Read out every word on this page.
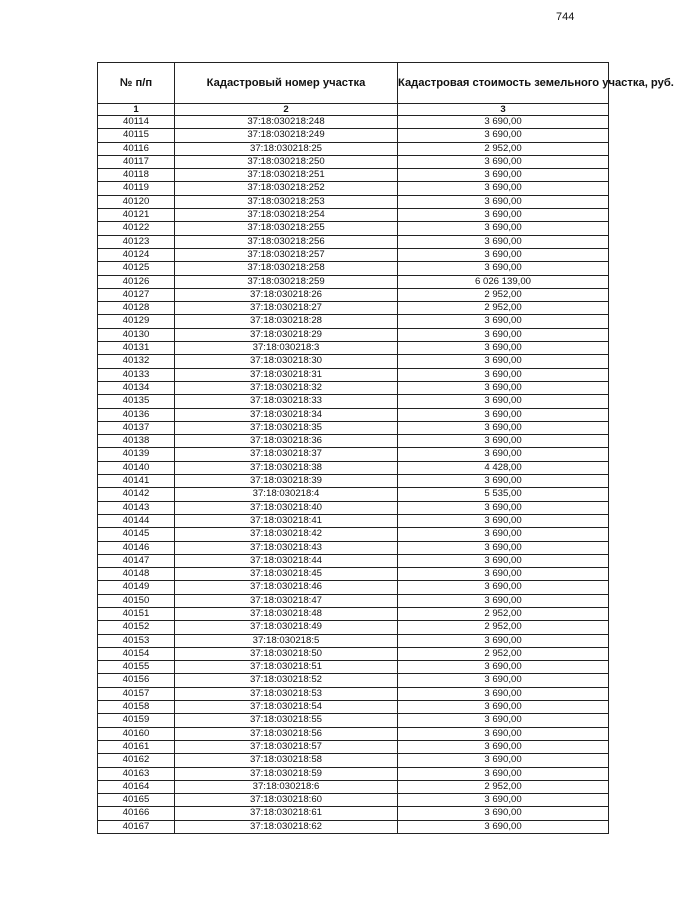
744
№ п/п	Кадастровый номер участка	Кадастровая стоимость земельного участка, руб.
1	2	3
40114	37:18:030218:248	3 690,00
40115	37:18:030218:249	3 690,00
40116	37:18:030218:25	2 952,00
40117	37:18:030218:250	3 690,00
40118	37:18:030218:251	3 690,00
40119	37:18:030218:252	3 690,00
40120	37:18:030218:253	3 690,00
40121	37:18:030218:254	3 690,00
40122	37:18:030218:255	3 690,00
40123	37:18:030218:256	3 690,00
40124	37:18:030218:257	3 690,00
40125	37:18:030218:258	3 690,00
40126	37:18:030218:259	6 026 139,00
40127	37:18:030218:26	2 952,00
40128	37:18:030218:27	2 952,00
40129	37:18:030218:28	3 690,00
40130	37:18:030218:29	3 690,00
40131	37:18:030218:3	3 690,00
40132	37:18:030218:30	3 690,00
40133	37:18:030218:31	3 690,00
40134	37:18:030218:32	3 690,00
40135	37:18:030218:33	3 690,00
40136	37:18:030218:34	3 690,00
40137	37:18:030218:35	3 690,00
40138	37:18:030218:36	3 690,00
40139	37:18:030218:37	3 690,00
40140	37:18:030218:38	4 428,00
40141	37:18:030218:39	3 690,00
40142	37:18:030218:4	5 535,00
40143	37:18:030218:40	3 690,00
40144	37:18:030218:41	3 690,00
40145	37:18:030218:42	3 690,00
40146	37:18:030218:43	3 690,00
40147	37:18:030218:44	3 690,00
40148	37:18:030218:45	3 690,00
40149	37:18:030218:46	3 690,00
40150	37:18:030218:47	3 690,00
40151	37:18:030218:48	2 952,00
40152	37:18:030218:49	2 952,00
40153	37:18:030218:5	3 690,00
40154	37:18:030218:50	2 952,00
40155	37:18:030218:51	3 690,00
40156	37:18:030218:52	3 690,00
40157	37:18:030218:53	3 690,00
40158	37:18:030218:54	3 690,00
40159	37:18:030218:55	3 690,00
40160	37:18:030218:56	3 690,00
40161	37:18:030218:57	3 690,00
40162	37:18:030218:58	3 690,00
40163	37:18:030218:59	3 690,00
40164	37:18:030218:6	2 952,00
40165	37:18:030218:60	3 690,00
40166	37:18:030218:61	3 690,00
40167	37:18:030218:62	3 690,00
